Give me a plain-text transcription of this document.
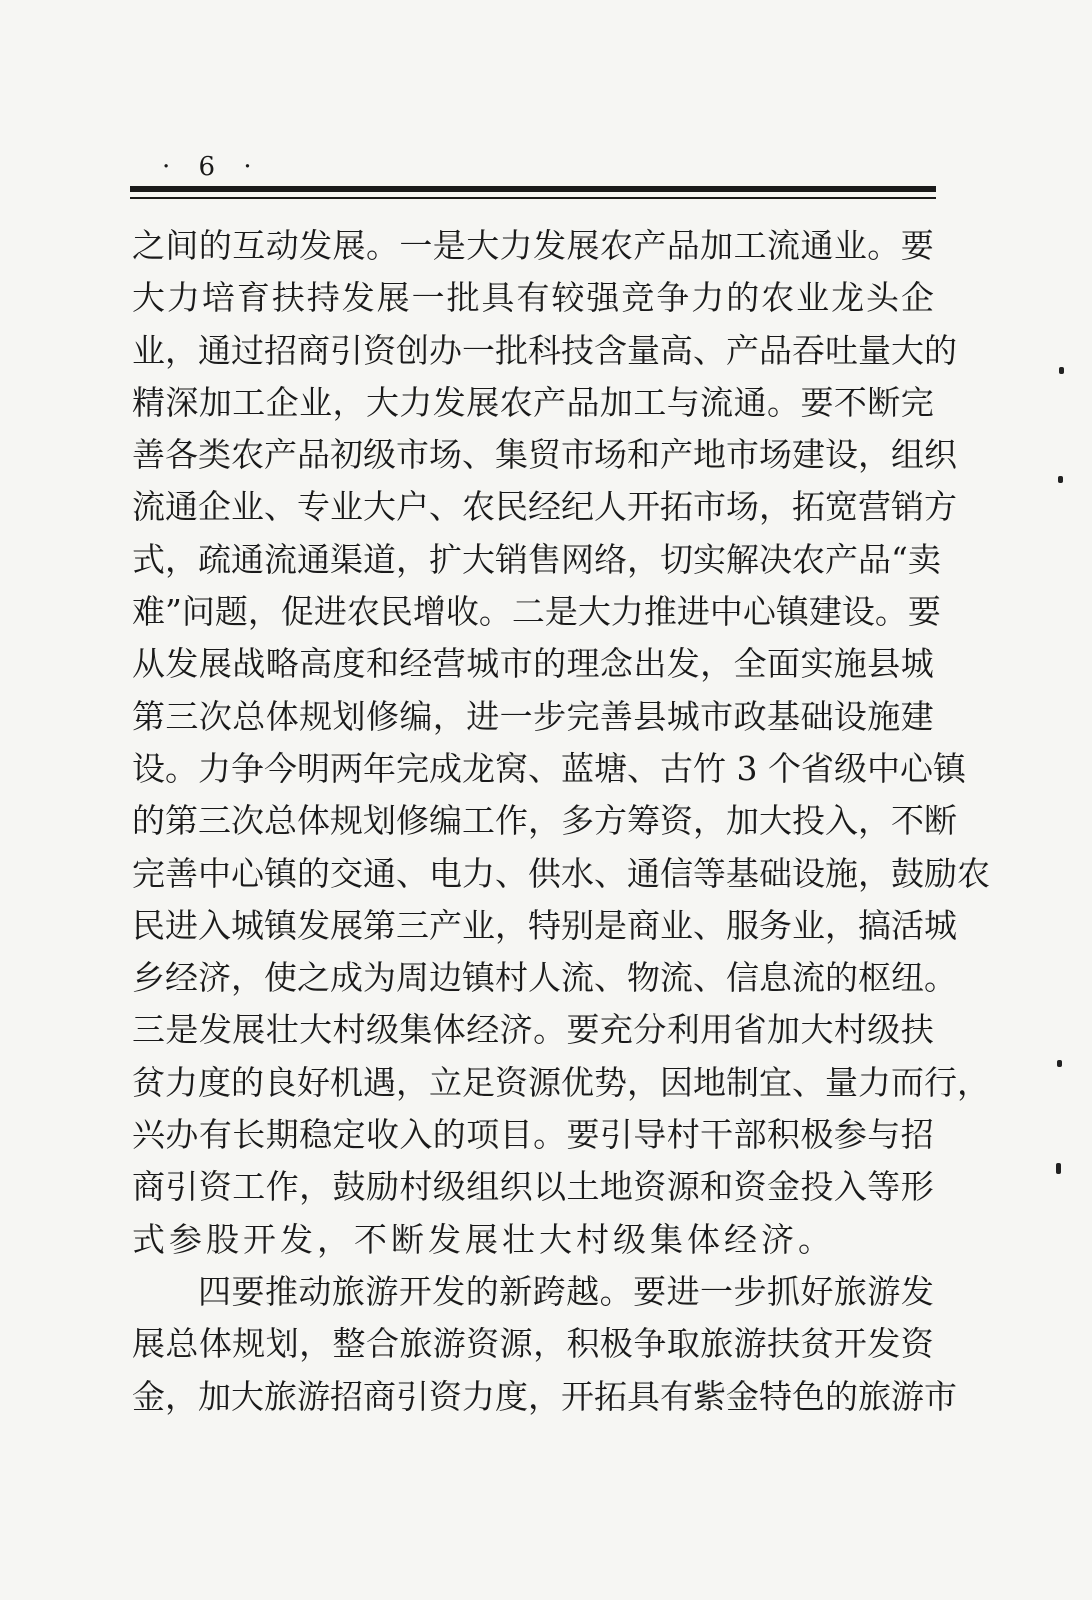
· 6 ·
之 间 的 互 动 发 展 。 一 是 大 力 发 展 农 产 品 加 工 流 通 业 。 要
大 力 培 育 扶 持 发 展 一 批 具 有 较 强 竞 争 力 的 农 业 龙 头 企
业 ， 通 过 招 商 引 资 创 办 一 批 科 技 含 量 高 、 产 品 吞 吐 量 大 的
精 深 加 工 企 业 ， 大 力 发 展 农 产 品 加 工 与 流 通 。 要 不 断 完
善 各 类 农 产 品 初 级 市 场 、 集 贸 市 场 和 产 地 市 场 建 设 ， 组 织
流 通 企 业 、 专 业 大 户 、 农 民 经 纪 人 开 拓 市 场 ， 拓 宽 营 销 方
式 ， 疏 通 流 通 渠 道 ， 扩 大 销 售 网 络 ， 切 实 解 决 农 产 品 “ 卖
难 ” 问 题 ， 促 进 农 民 增 收 。 二 是 大 力 推 进 中 心 镇 建 设 。 要
从 发 展 战 略 高 度 和 经 营 城 市 的 理 念 出 发 ， 全 面 实 施 县 城
第 三 次 总 体 规 划 修 编 ， 进 一 步 完 善 县 城 市 政 基 础 设 施 建
设 。 力 争 今 明 两 年 完 成 龙 窝 、 蓝 塘 、 古 竹
3
个 省 级 中 心 镇
的 第 三 次 总 体 规 划 修 编 工 作 ， 多 方 筹 资 ， 加 大 投 入 ， 不 断
完 善 中 心 镇 的 交 通 、 电 力 、 供 水 、 通 信 等 基 础 设 施 ， 鼓 励 农
民 进 入 城 镇 发 展 第 三 产 业 ， 特 别 是 商 业 、 服 务 业 ， 搞 活 城
乡 经 济 ， 使 之 成 为 周 边 镇 村 人 流 、 物 流 、 信 息 流 的 枢 纽 。
三 是 发 展 壮 大 村 级 集 体 经 济 。 要 充 分 利 用 省 加 大 村 级 扶
贫 力 度 的 良 好 机 遇 ， 立 足 资 源 优 势 ， 因 地 制 宜 、 量 力 而 行 ，
兴 办 有 长 期 稳 定 收 入 的 项 目 。 要 引 导 村 干 部 积 极 参 与 招
商 引 资 工 作 ， 鼓 励 村 级 组 织 以 土 地 资 源 和 资 金 投 入 等 形
式参股开发，不断发展壮大村级集体经济。
四 要 推 动 旅 游 开 发 的 新 跨 越 。 要 进 一 步 抓 好 旅 游 发
展 总 体 规 划 ， 整 合 旅 游 资 源 ， 积 极 争 取 旅 游 扶 贫 开 发 资
金 ， 加 大 旅 游 招 商 引 资 力 度 ， 开 拓 具 有 紫 金 特 色 的 旅 游 市
